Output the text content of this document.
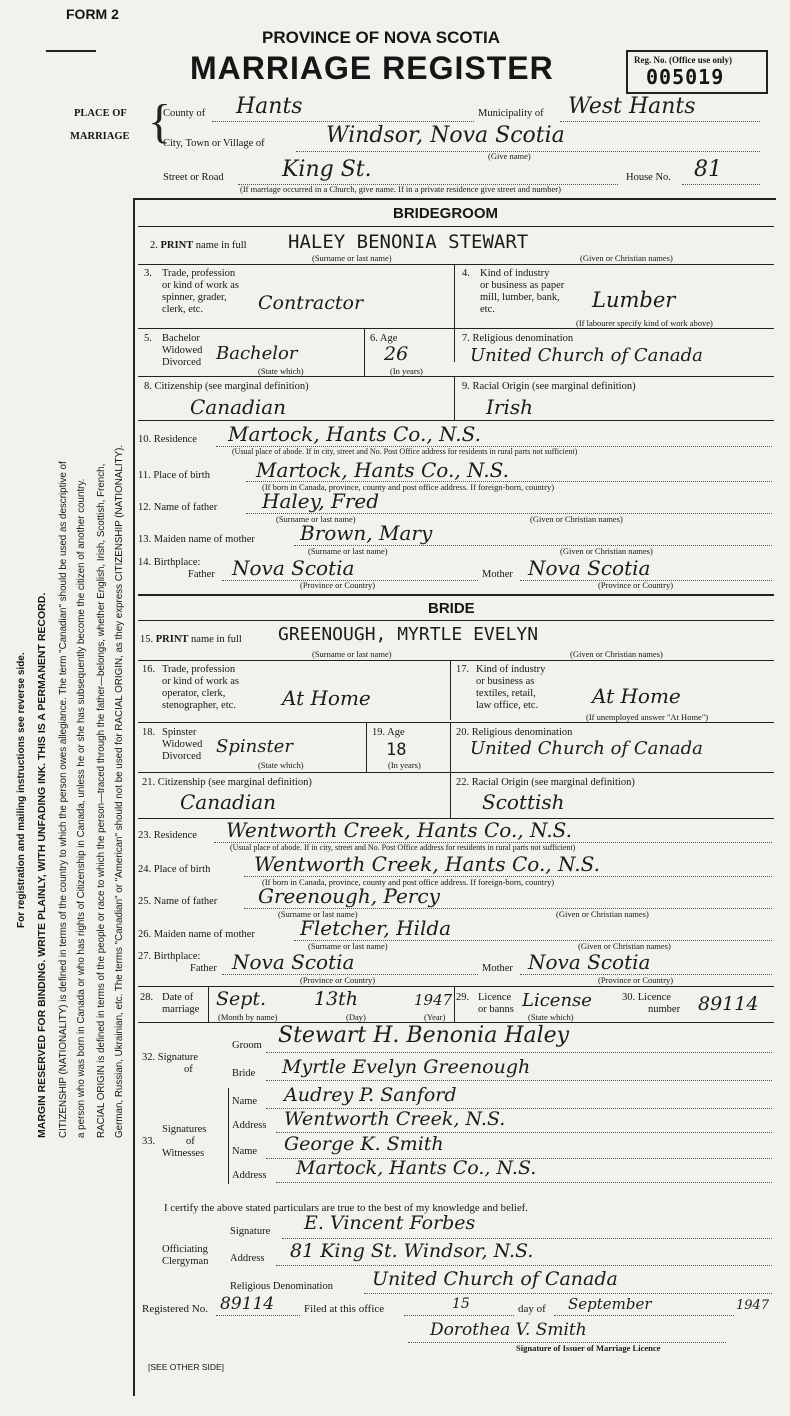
FORM 2
PROVINCE OF NOVA SCOTIA
MARRIAGE REGISTER	Reg. No. (Office use only)
005019
PLACE OF
MARRIAGE {
County of Hants	Municipality of West Hants
City, Town or Village of	Windsor, Nova Scotia
(Give name)
Street or Road	King St.	House No. 81
(If marriage occurred in a Church, give name. If in a private residence give street and number)
For registration and mailing instructions see reverse side. MARGIN RESERVED FOR BINDING. WRITE PLAINLY, WITH UNFADING INK. THIS IS A PERMANENT RECORD. CITIZENSHIP (NATIONALITY) is defined in terms of the country to which the person owes allegiance. The term "Canadian" should be used as descriptive of a person who was born in Canada or who has rights of Citizenship in Canada, unless he or she has subsequently become the citizen of another country. RACIAL ORIGIN is defined in terms of the people or race to which the person—traced through the father—belongs, whether English, Irish, Scottish, French, German, Russian, Ukrainian, etc. The terms "Canadian" or "American" should not be used for RACIAL ORIGIN, as they express CITIZENSHIP (NATIONALITY).
BRIDEGROOM
2. PRINT name in full HALEY BENONIA STEWART
(Surname or last name)	(Given or Christian names)
3. Trade, profession
or kind of work as
spinner, grader,
clerk, etc.	Contractor
4. Kind of industry
or business as paper
mill, lumber, bank,
etc.	Lumber
(If labourer specify kind of work above)
5. Bachelor
Widowed
Divorced Bachelor
(State which)
6. Age
26
(In years)
7. Religious denomination
United Church of Canada
8. Citizenship (see marginal definition)
Canadian
9. Racial Origin (see marginal definition)
Irish
10. Residence Martock, Hants Co., N.S.
(Usual place of abode. If in city, street and No. Post Office address for residents in rural parts not sufficient)
11. Place of birth Martock, Hants Co., N.S.
(If born in Canada, province, county and post office address. If foreign-born, country)
12. Name of father Haley, Fred
(Surname or last name)	(Given or Christian names)
13. Maiden name of mother Brown, Mary
(Surname or last name)	(Given or Christian names)
14. Birthplace:
Father Nova Scotia	Mother Nova Scotia
(Province or Country)	(Province or Country)
BRIDE
15. PRINT name in full GREENOUGH, MYRTLE EVELYN
(Surname or last name)	(Given or Christian names)
16. Trade, profession
or kind of work as
operator, clerk,
stenographer, etc. At Home
17. Kind of industry
or business as
textiles, retail,
law office, etc.	At Home
(If unemployed answer "At Home")
18. Spinster
Widowed
Divorced Spinster
(State which)
19. Age
18
(In years)
20. Religious denomination
United Church of Canada
21. Citizenship (see marginal definition)
Canadian
22. Racial Origin (see marginal definition)
Scottish
23. Residence Wentworth Creek, Hants Co., N.S.
(Usual place of abode. If in city, street and No. Post Office address for residents in rural parts not sufficient)
24. Place of birth Wentworth Creek, Hants Co., N.S.
(If born in Canada, province, county and post office address. If foreign-born, country)
25. Name of father Greenough, Percy
(Surname or last name)	(Given or Christian names)
26. Maiden name of mother Fletcher, Hilda
(Surname or last name)	(Given or Christian names)
27. Birthplace:
Father Nova Scotia	Mother Nova Scotia
(Province or Country)	(Province or Country)
28. Date of
marriage Sept.	13th	1947
(Month by name)	(Day)	(Year)
29. Licence
or banns License
(State which)
30. Licence
number 89114
32. Signature
of
Groom Stewart H. Benonia Haley
Bride Myrtle Evelyn Greenough
Signatures
33.	of
Witnesses
Name Audrey P. Sanford
Address Wentworth Creek, N.S.
Name George K. Smith
Address Martock, Hants Co., N.S.
I certify the above stated particulars are true to the best of my knowledge and belief.
Officiating
Clergyman
Signature E. Vincent Forbes
Address 81 King St. Windsor, N.S.
Religious Denomination United Church of Canada
Registered No. 89114	Filed at this office	15	day of September	1947
Dorothea V. Smith
Signature of Issuer of Marriage Licence
[SEE OTHER SIDE]
